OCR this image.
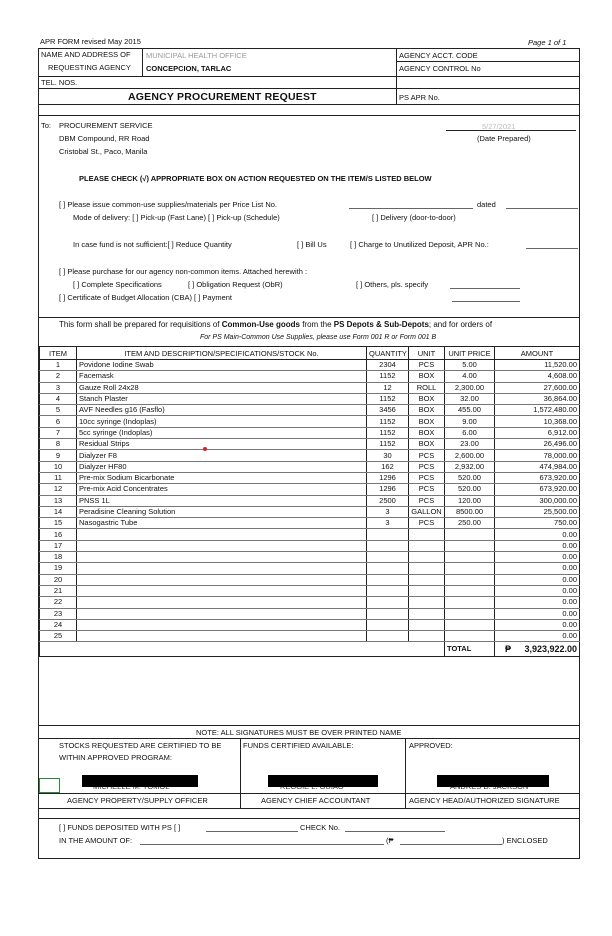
APR FORM revised May 2015	Page 1 of 1
NAME AND ADDRESS OF
REQUESTING AGENCY
MUNICIPAL HEALTH OFFICE
CONCEPCION, TARLAC
TEL. NOS.
AGENCY ACCT. CODE
AGENCY CONTROL No
AGENCY PROCUREMENT REQUEST	PS APR No.
To: PROCUREMENT SERVICE
DBM Compound, RR Road
Cristobal St., Paco, Manila
5/27/2021
(Date Prepared)
PLEASE CHECK (√) APPROPRIATE BOX ON ACTION REQUESTED ON THE ITEM/S LISTED BELOW
[ ] Please issue common-use supplies/materials per Price List No.	dated
Mode of delivery: [ ] Pick-up (Fast Lane) [ ] Pick-up (Schedule)	[ ] Delivery (door-to-door)
In case fund is not sufficient:[ ] Reduce Quantity	[ ] Bill Us	[ ] Charge to Unutilized Deposit, APR No.:
[ ] Please purchase for our agency non-common items. Attached herewith :
[ ] Complete Specifications	[ ] Obligation Request (ObR)	[ ] Others, pls. specify
[ ] Certificate of Budget Allocation (CBA) [ ] Payment
This form shall be prepared for requisitions of Common-Use goods from the PS Depots & Sub-Depots; and for orders of
For PS Main-Common Use Supplies, please use Form 001 R or Form 001 B
ITEM	ITEM AND DESCRIPTION/SPECIFICATIONS/STOCK No.	QUANTITY	UNIT	UNIT PRICE	AMOUNT
1	Povidone Iodine Swab	2304	PCS	5.00	11,520.00
2	Facemask	1152	BOX	4.00	4,608.00
3	Gauze Roll 24x28	12	ROLL	2,300.00	27,600.00
4	Stanch Plaster	1152	BOX	32.00	36,864.00
5	AVF Needles g16 (Fasflo)	3456	BOX	455.00	1,572,480.00
6	10cc syringe (Indoplas)	1152	BOX	9.00	10,368.00
7	5cc syringe (Indoplas)	1152	BOX	6.00	6,912.00
8	Residual Strips	1152	BOX	23.00	26,496.00
9	Dialyzer F8	30	PCS	2,600.00	78,000.00
10	Dialyzer HF80	162	PCS	2,932.00	474,984.00
11	Pre-mix Sodium Bicarbonate	1296	PCS	520.00	673,920.00
12	Pre-mix Acid Concentrates	1296	PCS	520.00	673,920.00
13	PNSS 1L	2500	PCS	120.00	300,000.00
14	Peradisine Cleaning Solution	3	GALLON	8500.00	25,500.00
15	Nasogastric Tube	3	PCS	250.00	750.00
16					0.00
17					0.00
18					0.00
19					0.00
20					0.00
21					0.00
22					0.00
23					0.00
24					0.00
25					0.00
				TOTAL	₱ 3,923,922.00
NOTE: ALL SIGNATURES MUST BE OVER PRINTED NAME
STOCKS REQUESTED ARE CERTIFIED TO BE
WITHIN APPROVED PROGRAM:
FUNDS CERTIFIED AVAILABLE:	APPROVED:
AGENCY PROPERTY/SUPPLY OFFICER	AGENCY CHIEF ACCOUNTANT	AGENCY HEAD/AUTHORIZED SIGNATURE
[ ] FUNDS DEPOSITED WITH PS [ ]	CHECK No.
IN THE AMOUNT OF:	(₱	) ENCLOSED
